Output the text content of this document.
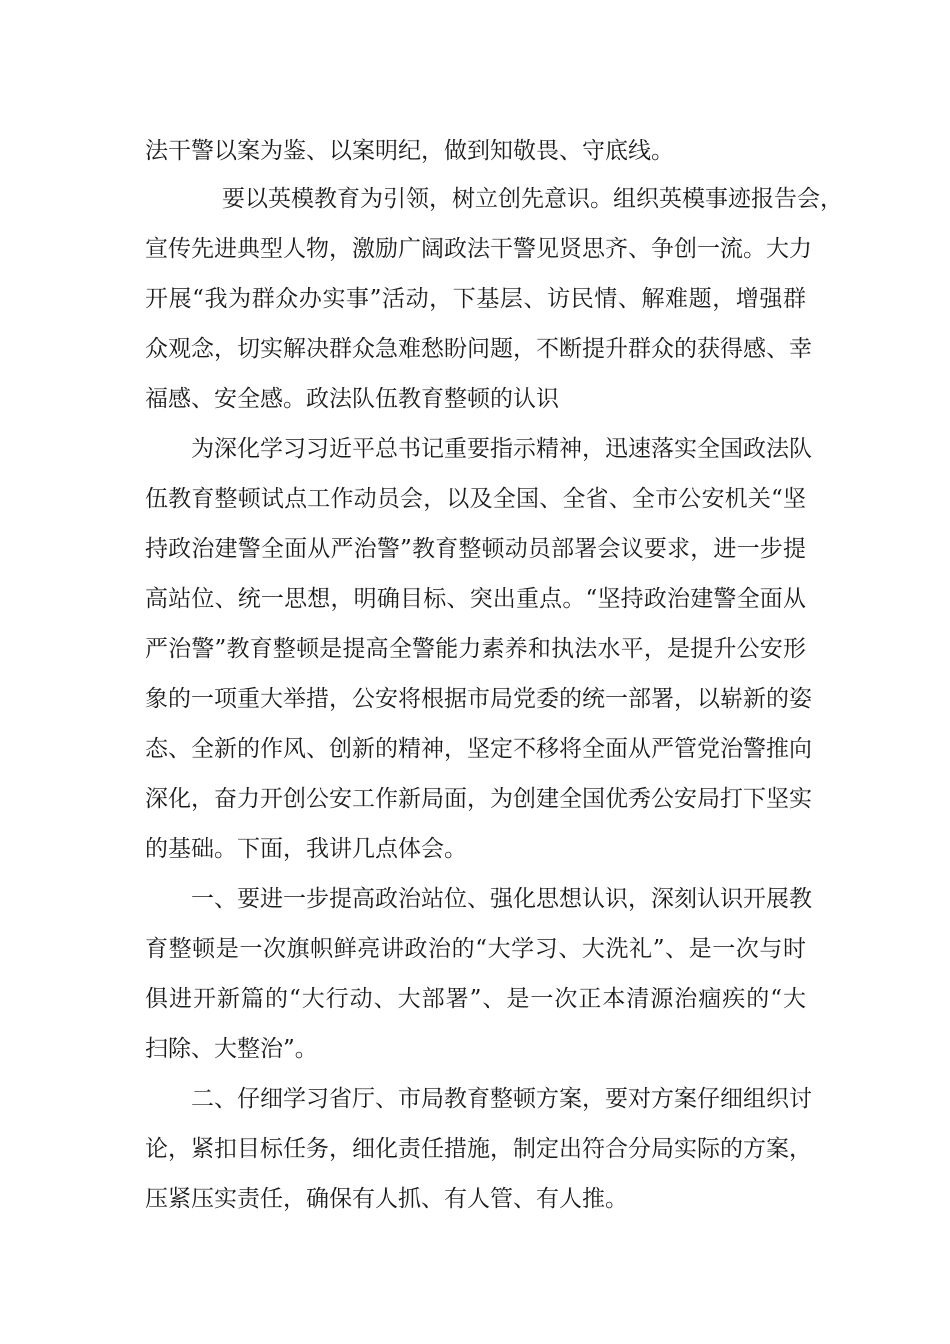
法干警以案为鉴、以案明纪，做到知敬畏、守底线。

　要以英模教育为引领，树立创先意识。组织英模事迹报告会，

宣传先进典型人物，激励广阔政法干警见贤思齐、争创一流。大力

开展“我为群众办实事”活动，下基层、访民情、解难题，增强群

众观念，切实解决群众急难愁盼问题，不断提升群众的获得感、幸

福感、安全感。政法队伍教育整顿的认识

为深化学习习近平总书记重要指示精神，迅速落实全国政法队

伍教育整顿试点工作动员会，以及全国、全省、全市公安机关“坚

持政治建警全面从严治警”教育整顿动员部署会议要求，进一步提

高站位、统一思想，明确目标、突出重点。“坚持政治建警全面从

严治警”教育整顿是提高全警能力素养和执法水平，是提升公安形

象的一项重大举措，公安将根据市局党委的统一部署，以崭新的姿

态、全新的作风、创新的精神，坚定不移将全面从严管党治警推向

深化，奋力开创公安工作新局面，为创建全国优秀公安局打下坚实

的基础。下面，我讲几点体会。

一、要进一步提高政治站位、强化思想认识，深刻认识开展教

育整顿是一次旗帜鲜亮讲政治的“大学习、大洗礼”、是一次与时

俱进开新篇的“大行动、大部署”、是一次正本清源治痼疾的“大

扫除、大整治”。

二、仔细学习省厅、市局教育整顿方案，要对方案仔细组织讨

论，紧扣目标任务，细化责任措施，制定出符合分局实际的方案，

压紧压实责任，确保有人抓、有人管、有人推。
